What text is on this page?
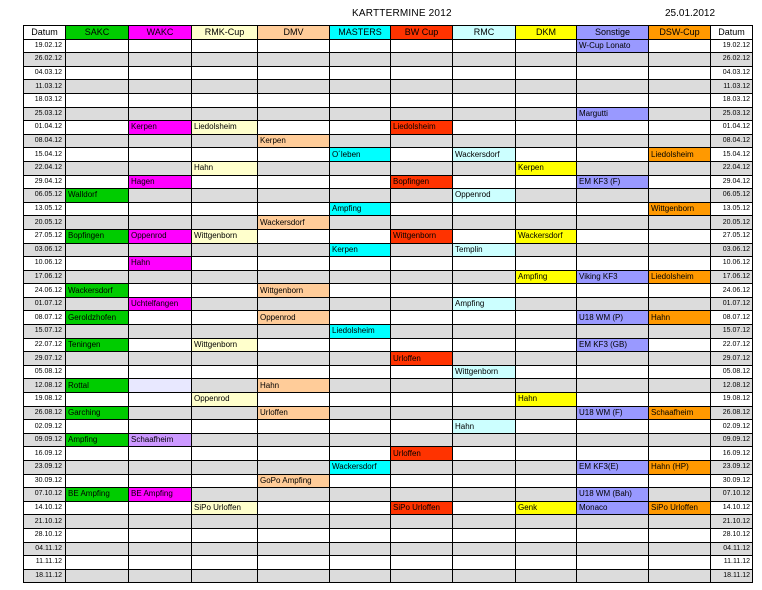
KARTTERMINE 2012	25.01.2012
Datum	SAKC	WAKC	RMK-Cup	DMV	MASTERS	BW Cup	RMC	DKM	Sonstige	DSW-Cup	Datum
19.02.12									W-Cup Lonato		19.02.12
26.02.12											26.02.12
04.03.12											04.03.12
11.03.12											11.03.12
18.03.12											18.03.12
25.03.12									Margutti		25.03.12
01.04.12		Kerpen	Liedolsheim			Liedolsheim					01.04.12
08.04.12				Kerpen							08.04.12
15.04.12					O´leben		Wackersdorf			Liedolsheim	15.04.12
22.04.12			Hahn					Kerpen			22.04.12
29.04.12		Hagen				Bopfingen			EM KF3 (F)		29.04.12
06.05.12	Walldorf						Oppenrod				06.05.12
13.05.12					Ampfing					Wittgenborn	13.05.12
20.05.12				Wackersdorf							20.05.12
27.05.12	Bopfingen	Oppenrod	Wittgenborn			Wittgenborn		Wackersdorf			27.05.12
03.06.12					Kerpen		Templin				03.06.12
10.06.12		Hahn									10.06.12
17.06.12								Ampfing	Viking KF3	Liedolsheim	17.06.12
24.06.12	Wackersdorf			Wittgenborn							24.06.12
01.07.12		Uchtelfangen					Ampfing				01.07.12
08.07.12	Geroldzhofen			Oppenrod					U18 WM (P)	Hahn	08.07.12
15.07.12					Liedolsheim						15.07.12
22.07.12	Teningen		Wittgenborn						EM KF3 (GB)		22.07.12
29.07.12						Urloffen					29.07.12
05.08.12							Wittgenborn				05.08.12
12.08.12	Rottal			Hahn							12.08.12
19.08.12			Oppenrod					Hahn			19.08.12
26.08.12	Garching			Urloffen					U18 WM (F)	Schaafheim	26.08.12
02.09.12							Hahn				02.09.12
09.09.12	Ampfing	Schaafheim									09.09.12
16.09.12						Urloffen					16.09.12
23.09.12					Wackersdorf				EM KF3(E)	Hahn (HP)	23.09.12
30.09.12				GoPo Ampfing							30.09.12
07.10.12	BE Ampfing	BE Ampfing							U18 WM (Bah)		07.10.12
14.10.12			SiPo Urloffen			SiPo Urloffen		Genk	Monaco	SiPo Urloffen	14.10.12
21.10.12											21.10.12
28.10.12											28.10.12
04.11.12											04.11.12
11.11.12											11.11.12
18.11.12											18.11.12
